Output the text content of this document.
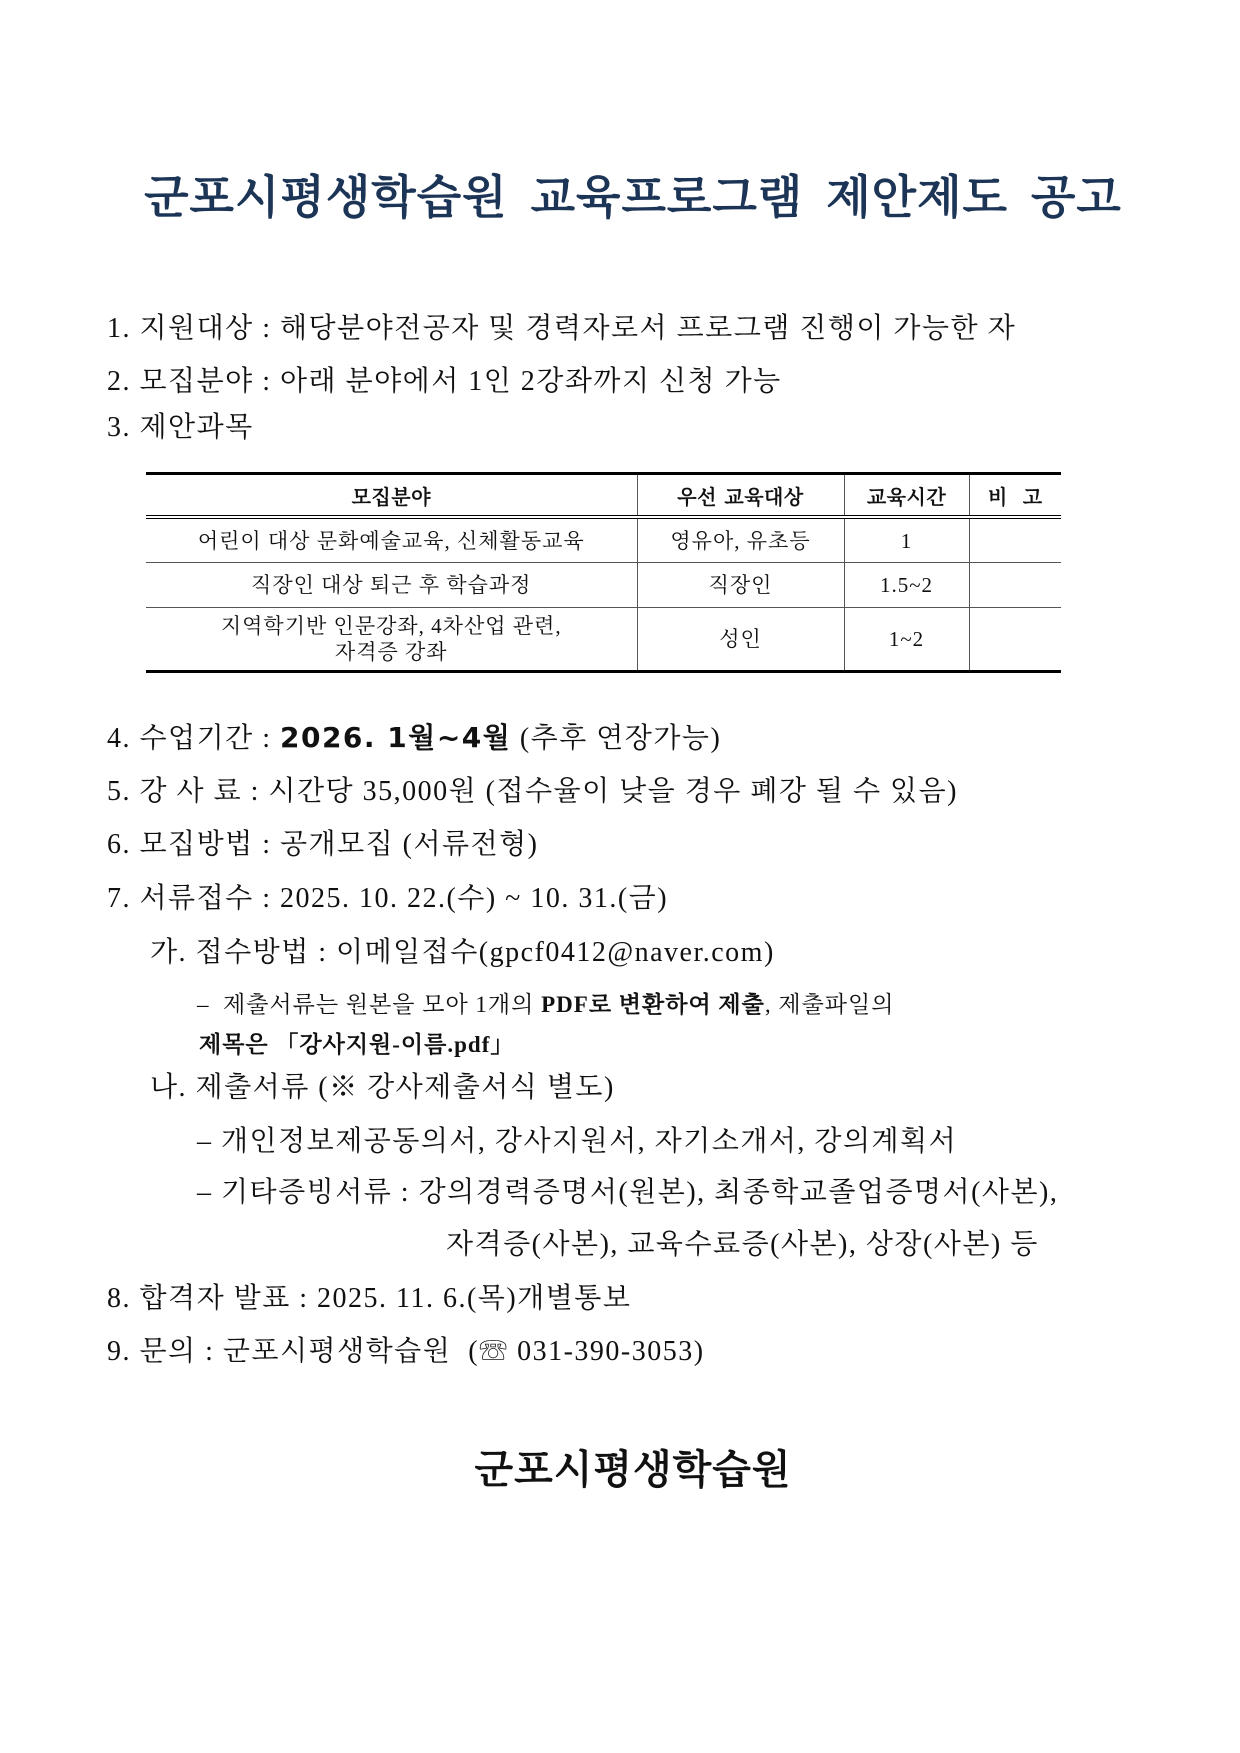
군포시평생학습원 교육프로그램 제안제도 공고
1. 지원대상 : 해당분야전공자 및 경력자로서 프로그램 진행이 가능한 자
2. 모집분야 : 아래 분야에서 1인 2강좌까지 신청 가능
3. 제안과목
모집분야	우선 교육대상	교육시간	비  고

어린이 대상 문화예술교육, 신체활동교육	영유아, 유초등	1	

직장인 대상 퇴근 후 학습과정	직장인	1.5~2	

지역학기반 인문강좌, 4차산업 관련,
자격증 강좌	성인	1~2	
4. 수업기간 : 2026. 1월~4월 (추후 연장가능)
5. 강 사 료 : 시간당 35,000원 (접수율이 낮을 경우 폐강 될 수 있음)
6. 모집방법 : 공개모집 (서류전형)
7. 서류접수 : 2025. 10. 22.(수) ~ 10. 31.(금)
가. 접수방법 : 이메일접수(gpcf0412@naver.com)
–  제출서류는 원본을 모아 1개의 PDF로 변환하여 제출, 제출파일의
제목은 「강사지원-이름.pdf」
나. 제출서류 (※ 강사제출서식 별도)
– 개인정보제공동의서, 강사지원서, 자기소개서, 강의계획서
– 기타증빙서류 : 강의경력증명서(원본), 최종학교졸업증명서(사본),
자격증(사본), 교육수료증(사본), 상장(사본) 등
8. 합격자 발표 : 2025. 11. 6.(목)개별통보
9. 문의 : 군포시평생학습원  (☏ 031-390-3053)
군포시평생학습원
